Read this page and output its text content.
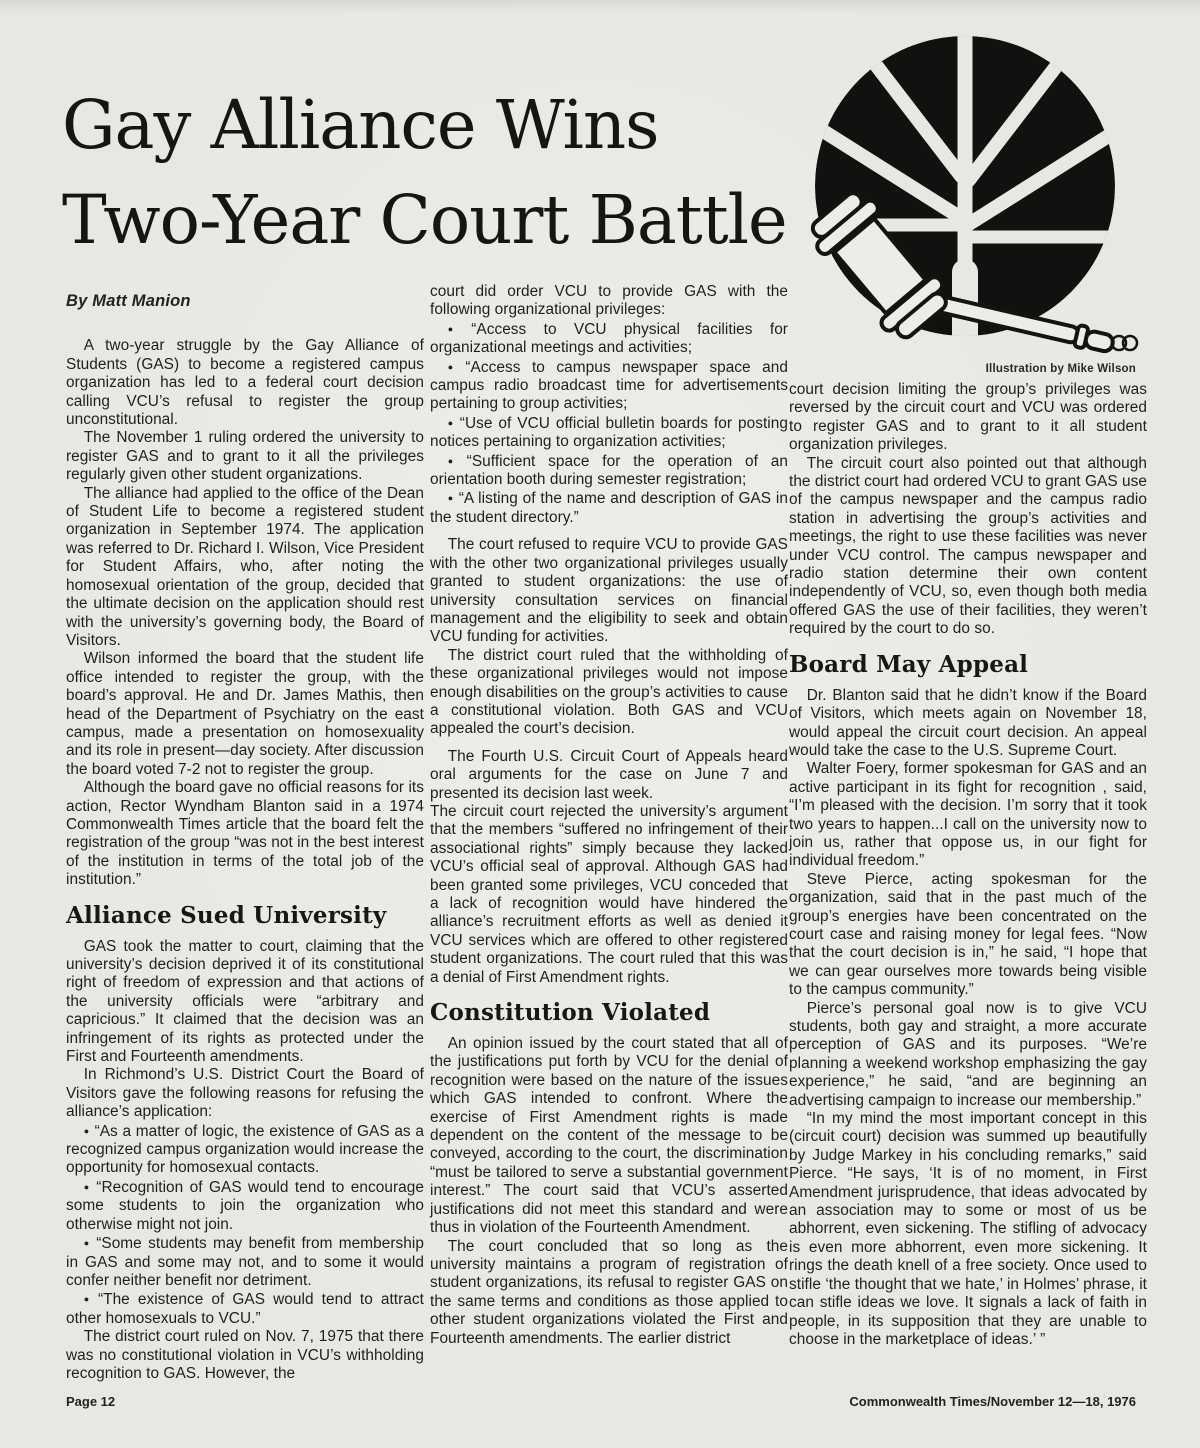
Gay Alliance Wins
Two-Year Court Battle
Illustration by Mike Wilson

By Matt Manion

A two-year struggle by the Gay Alliance of Students (GAS) to become a registered campus organization has led to a federal court decision calling VCU’s refusal to register the group unconstitutional.

The November 1 ruling ordered the university to register GAS and to grant to it all the privileges regularly given other student organizations.

The alliance had applied to the office of the Dean of Student Life to become a registered student organization in September 1974. The application was referred to Dr. Richard I. Wilson, Vice President for Student Affairs, who, after noting the homosexual orientation of the group, decided that the ultimate decision on the application should rest with the university’s governing body, the Board of Visitors.

Wilson informed the board that the student life office intended to register the group, with the board’s approval. He and Dr. James Mathis, then head of the Department of Psychiatry on the east campus, made a presentation on homosexuality and its role in present—day society. After discussion the board voted 7-2 not to register the group.

Although the board gave no official reasons for its action, Rector Wyndham Blanton said in a 1974 Commonwealth Times article that the board felt the registration of the group “was not in the best interest of the institution in terms of the total job of the institution.”

Alliance Sued University

GAS took the matter to court, claiming that the university’s decision deprived it of its constitutional right of freedom of expression and that actions of the university officials were “arbitrary and capricious.” It claimed that the decision was an infringement of its rights as protected under the First and Fourteenth amendments.

In Richmond’s U.S. District Court the Board of Visitors gave the following reasons for refusing the alliance’s application:

● “As a matter of logic, the existence of GAS as a recognized campus organization would increase the opportunity for homosexual contacts.

● “Recognition of GAS would tend to encourage some students to join the organization who otherwise might not join.

● “Some students may benefit from membership in GAS and some may not, and to some it would confer neither benefit nor detriment.

● “The existence of GAS would tend to attract other homosexuals to VCU.”

The district court ruled on Nov. 7, 1975 that there was no constitutional violation in VCU’s withholding recognition to GAS. However, the

court did order VCU to provide GAS with the following organizational privileges:

● “Access to VCU physical facilities for organizational meetings and activities;

● “Access to campus newspaper space and campus radio broadcast time for advertisements pertaining to group activities;

● “Use of VCU official bulletin boards for posting notices pertaining to organization activities;

● “Sufficient space for the operation of an orientation booth during semester registration;

● “A listing of the name and description of GAS in the student directory.”

The court refused to require VCU to provide GAS with the other two organizational privileges usually granted to student organizations: the use of university consultation services on financial management and the eligibility to seek and obtain VCU funding for activities.

The district court ruled that the withholding of these organizational privileges would not impose enough disabilities on the group’s activities to cause a constitutional violation. Both GAS and VCU appealed the court’s decision.

The Fourth U.S. Circuit Court of Appeals heard oral arguments for the case on June 7 and presented its decision last week.

The circuit court rejected the university’s argument that the members “suffered no infringement of their associational rights” simply because they lacked VCU’s official seal of approval. Although GAS had been granted some privileges, VCU conceded that a lack of recognition would have hindered the alliance’s recruitment efforts as well as denied it VCU services which are offered to other registered student organizations. The court ruled that this was a denial of First Amendment rights.

Constitution Violated

An opinion issued by the court stated that all of the justifications put forth by VCU for the denial of recognition were based on the nature of the issues which GAS intended to confront. Where the exercise of First Amendment rights is made dependent on the content of the message to be conveyed, according to the court, the discrimination “must be tailored to serve a substantial government interest.” The court said that VCU’s asserted justifications did not meet this standard and were thus in violation of the Fourteenth Amendment.

The court concluded that so long as the university maintains a program of registration of student organizations, its refusal to register GAS on the same terms and conditions as those applied to other student organizations violated the First and Fourteenth amendments. The earlier district

court decision limiting the group’s privileges was reversed by the circuit court and VCU was ordered to register GAS and to grant to it all student organization privileges.

The circuit court also pointed out that although the district court had ordered VCU to grant GAS use of the campus newspaper and the campus radio station in advertising the group’s activities and meetings, the right to use these facilities was never under VCU control. The campus newspaper and radio station determine their own content independently of VCU, so, even though both media offered GAS the use of their facilities, they weren’t required by the court to do so.

Board May Appeal

Dr. Blanton said that he didn’t know if the Board of Visitors, which meets again on November 18, would appeal the circuit court decision. An appeal would take the case to the U.S. Supreme Court.

Walter Foery, former spokesman for GAS and an active participant in its fight for recognition , said, “I’m pleased with the decision. I’m sorry that it took two years to happen...I call on the university now to join us, rather that oppose us, in our fight for individual freedom.”

Steve Pierce, acting spokesman for the organization, said that in the past much of the group’s energies have been concentrated on the court case and raising money for legal fees. “Now that the court decision is in,” he said, “I hope that we can gear ourselves more towards being visible to the campus community.”

Pierce’s personal goal now is to give VCU students, both gay and straight, a more accurate perception of GAS and its purposes. “We’re planning a weekend workshop emphasizing the gay experience,” he said, “and are beginning an advertising campaign to increase our membership.”

“In my mind the most important concept in this (circuit court) decision was summed up beautifully by Judge Markey in his concluding remarks,” said Pierce. “He says, ‘It is of no moment, in First Amendment jurisprudence, that ideas advocated by an association may to some or most of us be abhorrent, even sickening. The stifling of advocacy is even more abhorrent, even more sickening. It rings the death knell of a free society. Once used to stifle ‘the thought that we hate,’ in Holmes’ phrase, it can stifle ideas we love. It signals a lack of faith in people, in its supposition that they are unable to choose in the marketplace of ideas.’ ”

Page 12	Commonwealth Times/November 12—18, 1976
